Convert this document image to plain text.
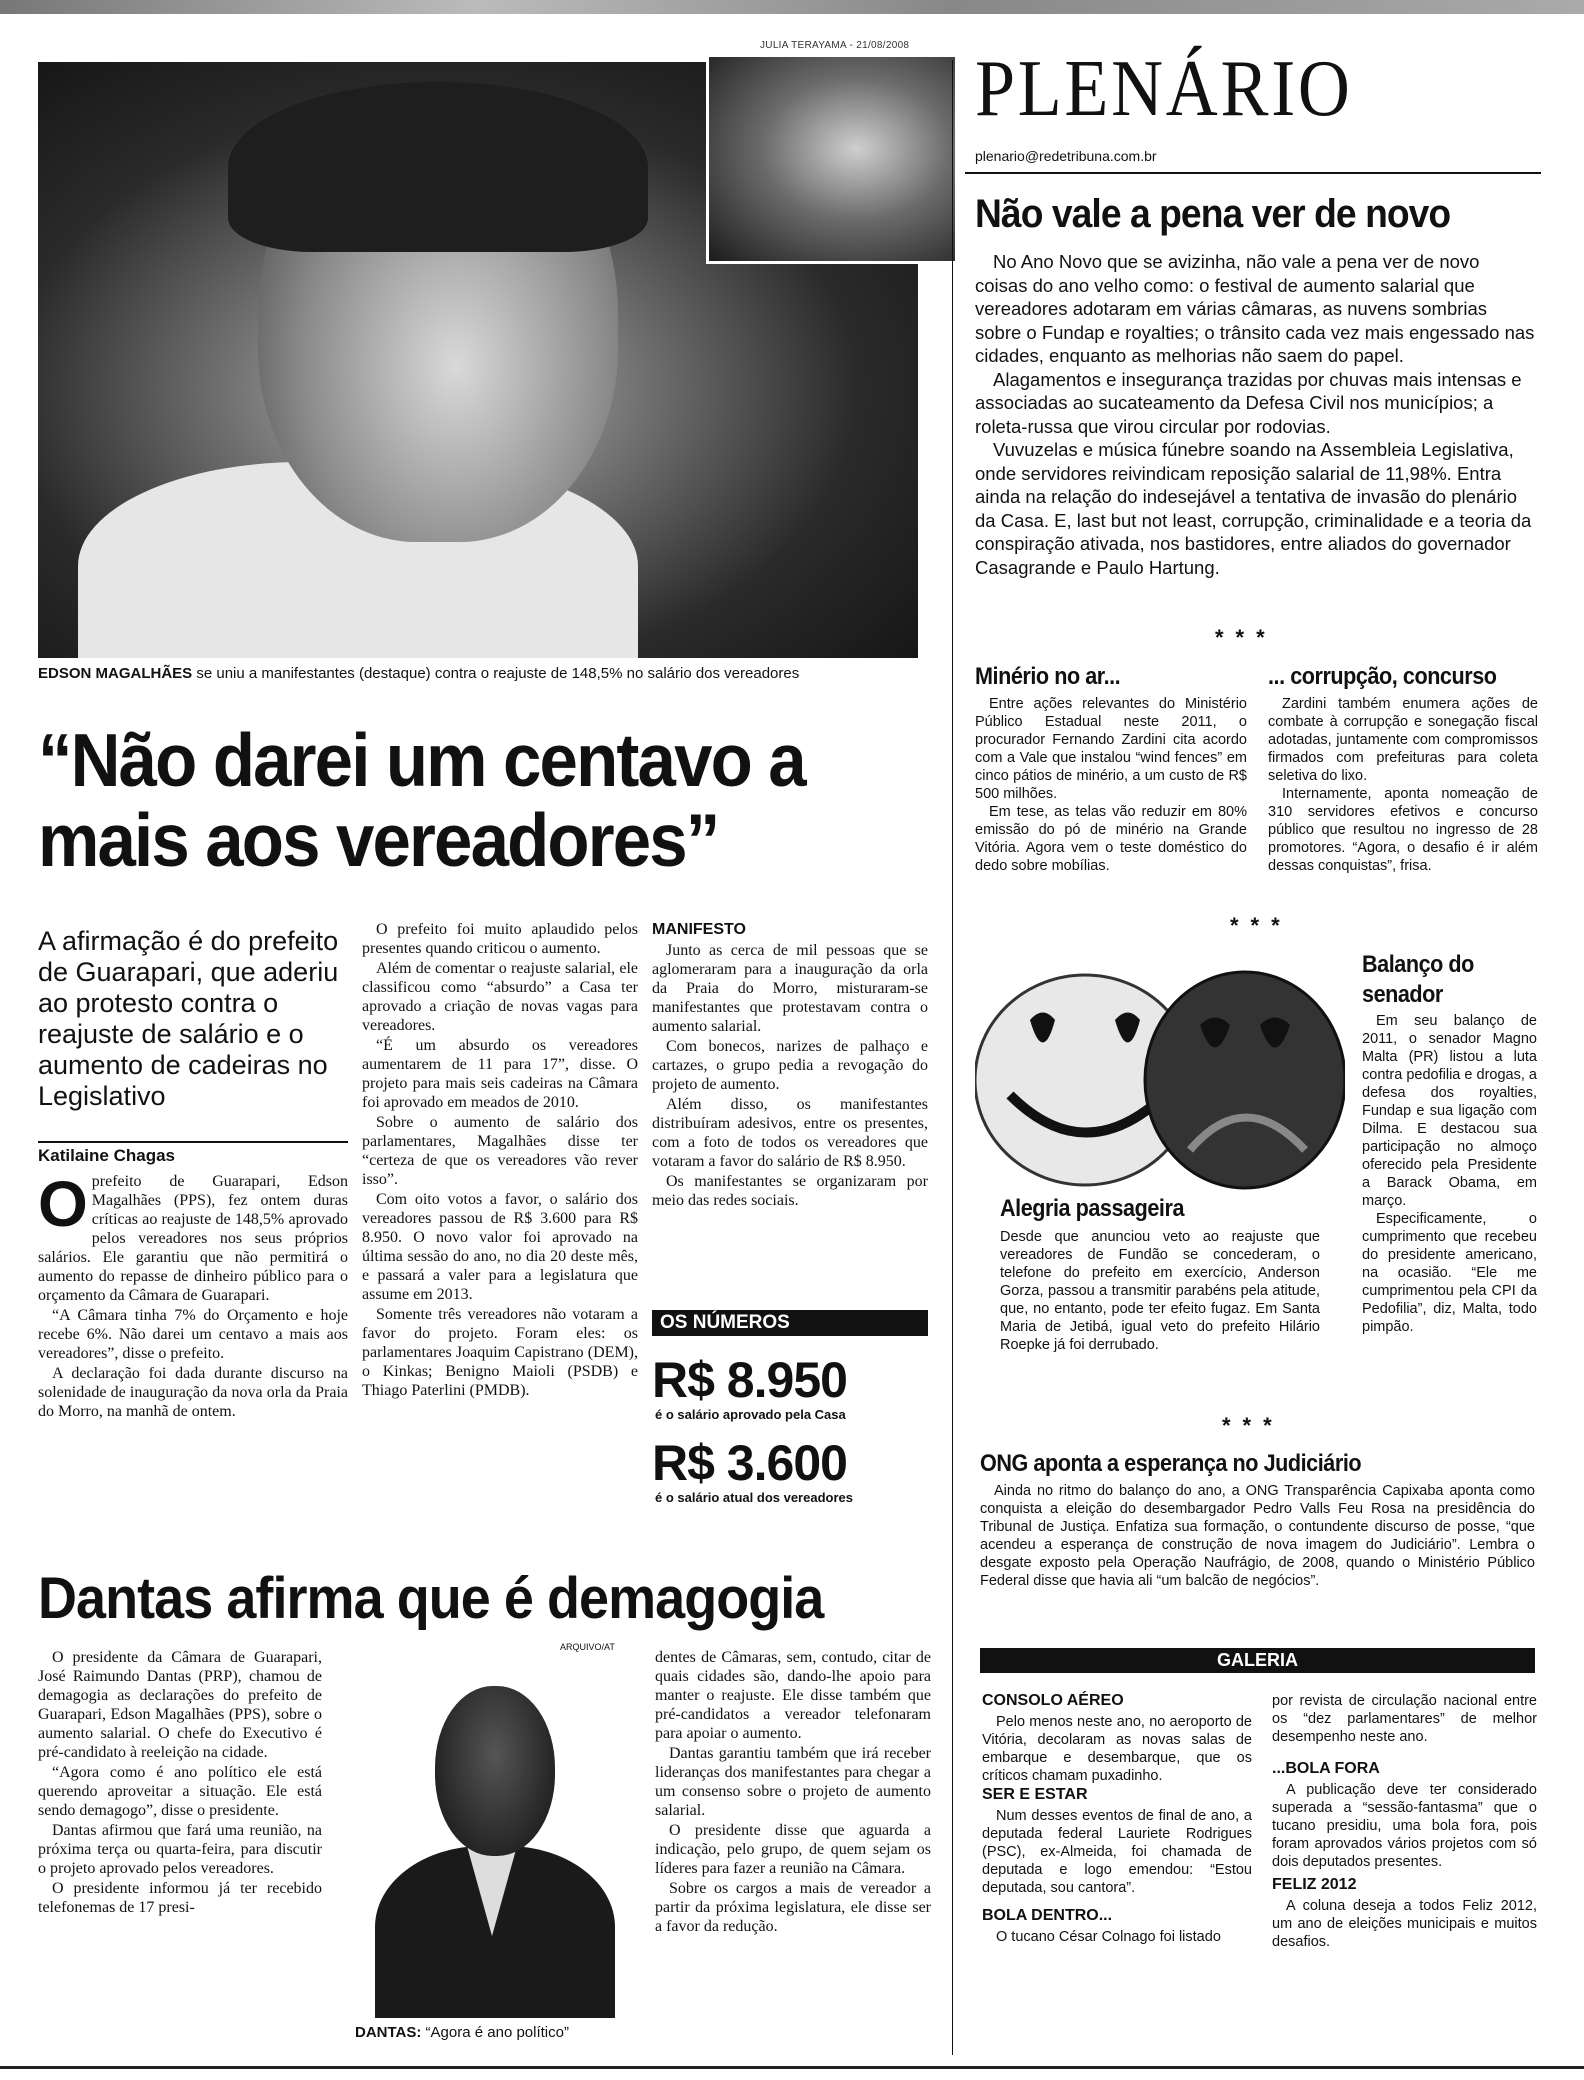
JULIA TERAYAMA - 21/08/2008
EDSON MAGALHÃES se uniu a manifestantes (destaque) contra o reajuste de 148,5% no salário dos vereadores
“Não darei um centavo a mais aos vereadores”
A afirmação é do prefeito de Guarapari, que aderiu ao protesto contra o reajuste de salário e o aumento de cadeiras no Legislativo
Katilaine Chagas

O prefeito de Guarapari, Edson Magalhães (PPS), fez ontem duras críticas ao reajuste de 148,5% aprovado pelos vereadores nos seus próprios salários. Ele garantiu que não permitirá o aumento do repasse de dinheiro público para o orçamento da Câmara de Guarapari.

“A Câmara tinha 7% do Orçamento e hoje recebe 6%. Não darei um centavo a mais aos vereadores”, disse o prefeito.

A declaração foi dada durante discurso na solenidade de inauguração da nova orla da Praia do Morro, na manhã de ontem.

O prefeito foi muito aplaudido pelos presentes quando criticou o aumento.

Além de comentar o reajuste salarial, ele classificou como “absurdo” a Casa ter aprovado a criação de novas vagas para vereadores.

“É um absurdo os vereadores aumentarem de 11 para 17”, disse. O projeto para mais seis cadeiras na Câmara foi aprovado em meados de 2010.

Sobre o aumento de salário dos parlamentares, Magalhães disse ter “certeza de que os vereadores vão rever isso”.

Com oito votos a favor, o salário dos vereadores passou de R$ 3.600 para R$ 8.950. O novo valor foi aprovado na última sessão do ano, no dia 20 deste mês, e passará a valer para a legislatura que assume em 2013.

Somente três vereadores não votaram a favor do projeto. Foram eles: os parlamentares Joaquim Capistrano (DEM), o Kinkas; Benigno Maioli (PSDB) e Thiago Paterlini (PMDB).

MANIFESTO

Junto as cerca de mil pessoas que se aglomeraram para a inauguração da orla da Praia do Morro, misturaram-se manifestantes que protestavam contra o aumento salarial.

Com bonecos, narizes de palhaço e cartazes, o grupo pedia a revogação do projeto de aumento.

Além disso, os manifestantes distribuíram adesivos, entre os presentes, com a foto de todos os vereadores que votaram a favor do salário de R$ 8.950.

Os manifestantes se organizaram por meio das redes sociais.

OS NÚMEROS
R$ 8.950
é o salário aprovado pela Casa
R$ 3.600
é o salário atual dos vereadores
Dantas afirma que é demagogia

O presidente da Câmara de Guarapari, José Raimundo Dantas (PRP), chamou de demagogia as declarações do prefeito de Guarapari, Edson Magalhães (PPS), sobre o aumento salarial. O chefe do Executivo é pré-candidato à reeleição na cidade.

“Agora como é ano político ele está querendo aproveitar a situação. Ele está sendo demagogo”, disse o presidente.

Dantas afirmou que fará uma reunião, na próxima terça ou quarta-feira, para discutir o projeto aprovado pelos vereadores.

O presidente informou já ter recebido telefonemas de 17 presi-

ARQUIVO/AT
DANTAS: “Agora é ano político”

dentes de Câmaras, sem, contudo, citar de quais cidades são, dando-lhe apoio para manter o reajuste. Ele disse também que pré-candidatos a vereador telefonaram para apoiar o aumento.

Dantas garantiu também que irá receber lideranças dos manifestantes para chegar a um consenso sobre o projeto de aumento salarial.

O presidente disse que aguarda a indicação, pelo grupo, de quem sejam os líderes para fazer a reunião na Câmara.

Sobre os cargos a mais de vereador a partir da próxima legislatura, ele disse ser a favor da redução.

PLENÁRIO
plenario@redetribuna.com.br
Não vale a pena ver de novo

No Ano Novo que se avizinha, não vale a pena ver de novo coisas do ano velho como: o festival de aumento salarial que vereadores adotaram em várias câmaras, as nuvens sombrias sobre o Fundap e royalties; o trânsito cada vez mais engessado nas cidades, enquanto as melhorias não saem do papel.

Alagamentos e insegurança trazidas por chuvas mais intensas e associadas ao sucateamento da Defesa Civil nos municípios; a roleta-russa que virou circular por rodovias.

Vuvuzelas e música fúnebre soando na Assembleia Legislativa, onde servidores reivindicam reposição salarial de 11,98%. Entra ainda na relação do indesejável a tentativa de invasão do plenário da Casa. E, last but not least, corrupção, criminalidade e a teoria da conspiração ativada, nos bastidores, entre aliados do governador Casagrande e Paulo Hartung.

***
Minério no ar...

Entre ações relevantes do Ministério Público Estadual neste 2011, o procurador Fernando Zardini cita acordo com a Vale que instalou “wind fences” em cinco pátios de minério, a um custo de R$ 500 milhões.

Em tese, as telas vão reduzir em 80% emissão do pó de minério na Grande Vitória. Agora vem o teste doméstico do dedo sobre mobílias.

... corrupção, concurso

Zardini também enumera ações de combate à corrupção e sonegação fiscal adotadas, juntamente com compromissos firmados com prefeituras para coleta seletiva do lixo.

Internamente, aponta nomeação de 310 servidores efetivos e concurso público que resultou no ingresso de 28 promotores. “Agora, o desafio é ir além dessas conquistas”, frisa.

***
Alegria passageira
Desde que anunciou veto ao reajuste que vereadores de Fundão se concederam, o telefone do prefeito em exercício, Anderson Gorza, passou a transmitir parabéns pela atitude, que, no entanto, pode ter efeito fugaz. Em Santa Maria de Jetibá, igual veto do prefeito Hilário Roepke já foi derrubado.
Balanço do senador

Em seu balanço de 2011, o senador Magno Malta (PR) listou a luta contra pedofilia e drogas, a defesa dos royalties, Fundap e sua ligação com Dilma. E destacou sua participação no almoço oferecido pela Presidente a Barack Obama, em março.

Especificamente, o cumprimento que recebeu do presidente americano, na ocasião. “Ele me cumprimentou pela CPI da Pedofilia”, diz, Malta, todo pimpão.

***
ONG aponta a esperança no Judiciário

Ainda no ritmo do balanço do ano, a ONG Transparência Capixaba aponta como conquista a eleição do desembargador Pedro Valls Feu Rosa na presidência do Tribunal de Justiça. Enfatiza sua formação, o contundente discurso de posse, “que acendeu a esperança de construção de nova imagem do Judiciário”. Lembra o desgate exposto pela Operação Naufrágio, de 2008, quando o Ministério Público Federal disse que havia ali “um balcão de negócios”.

GALERIA
CONSOLO AÉREO

Pelo menos neste ano, no aeroporto de Vitória, decolaram as novas salas de embarque e desembarque, que os críticos chamam puxadinho.

SER E ESTAR

Num desses eventos de final de ano, a deputada federal Lauriete Rodrigues (PSC), ex-Almeida, foi chamada de deputada e logo emendou: “Estou deputada, sou cantora”.

BOLA DENTRO...

O tucano César Colnago foi listado

por revista de circulação nacional entre os “dez parlamentares” de melhor desempenho neste ano.
...BOLA FORA

A publicação deve ter considerado superada a “sessão-fantasma” que o tucano presidiu, uma bola fora, pois foram aprovados vários projetos com só dois deputados presentes.

FELIZ 2012

A coluna deseja a todos Feliz 2012, um ano de eleições municipais e muitos desafios.
